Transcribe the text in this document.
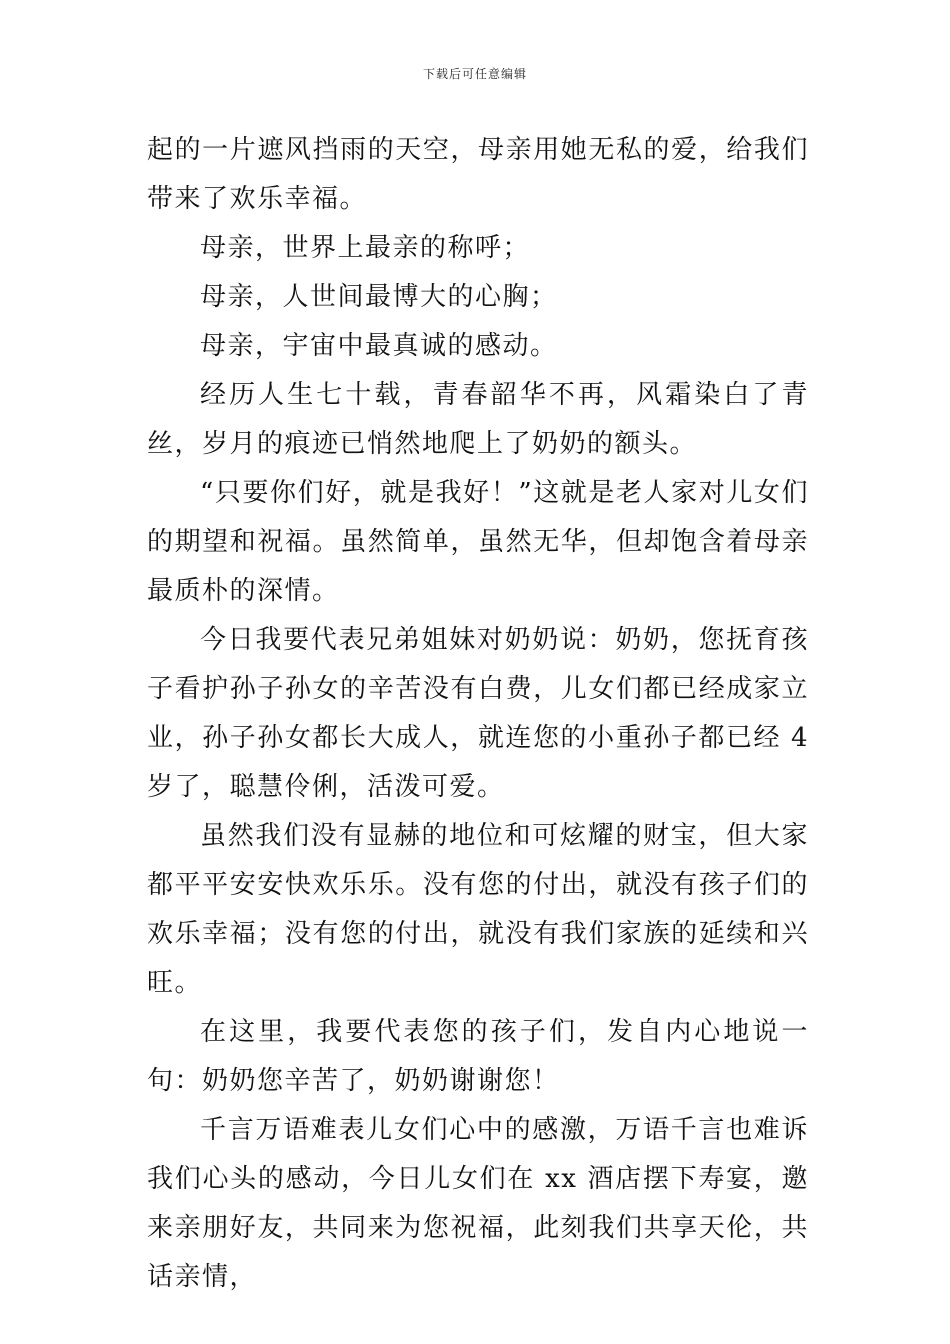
下载后可任意编辑

起的一片遮风挡雨的天空，母亲用她无私的爱，给我们带来了欢乐幸福。

母亲，世界上最亲的称呼；

母亲，人世间最博大的心胸；

母亲，宇宙中最真诚的感动。

经历人生七十载，青春韶华不再，风霜染白了青丝，岁月的痕迹已悄然地爬上了奶奶的额头。

“只要你们好，就是我好！”这就是老人家对儿女们的期望和祝福。虽然简单，虽然无华，但却饱含着母亲最质朴的深情。

今日我要代表兄弟姐妹对奶奶说：奶奶，您抚育孩子看护孙子孙女的辛苦没有白费，儿女们都已经成家立业，孙子孙女都长大成人，就连您的小重孙子都已经 4 岁了，聪慧伶俐，活泼可爱。

虽然我们没有显赫的地位和可炫耀的财宝，但大家都平平安安快欢乐乐。没有您的付出，就没有孩子们的欢乐幸福；没有您的付出，就没有我们家族的延续和兴旺。

在这里，我要代表您的孩子们，发自内心地说一句：奶奶您辛苦了，奶奶谢谢您！

千言万语难表儿女们心中的感激，万语千言也难诉我们心头的感动，今日儿女们在 xx 酒店摆下寿宴，邀来亲朋好友，共同来为您祝福，此刻我们共享天伦，共话亲情，
